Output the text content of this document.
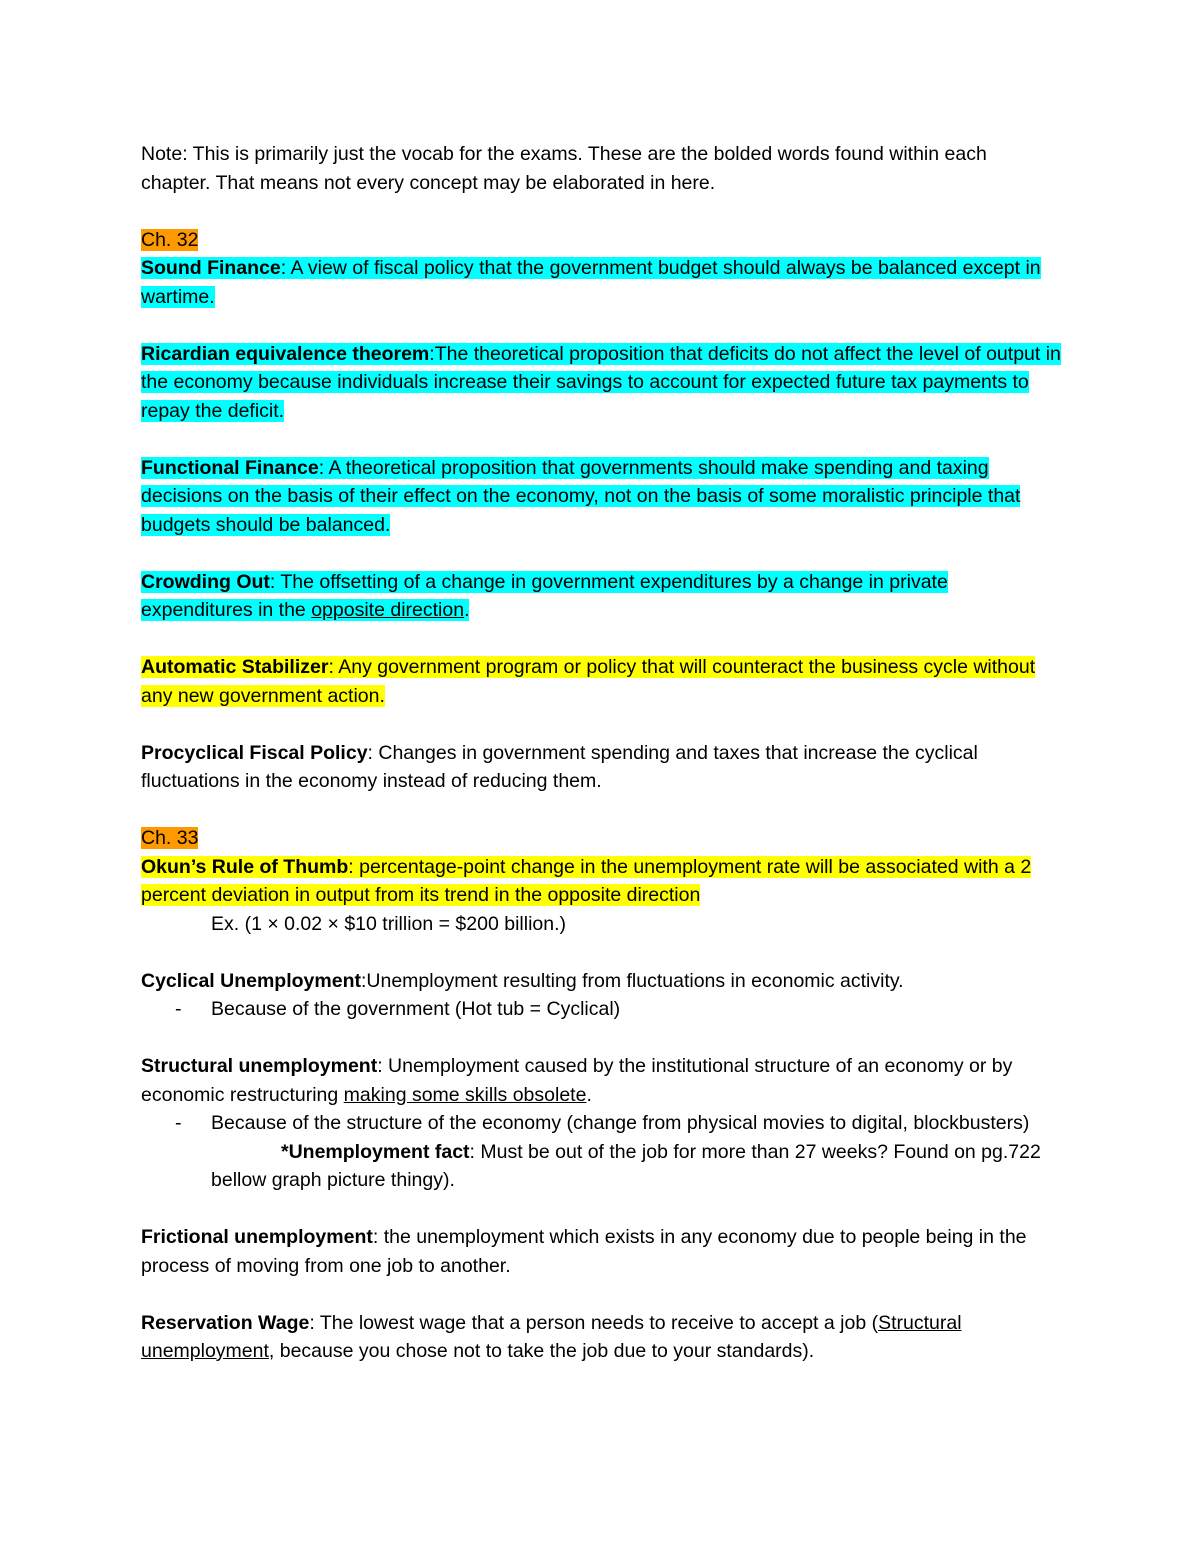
Note: This is primarily just the vocab for the exams. These are the bolded words found within each chapter. That means not every concept may be elaborated in here.

Ch. 32

Sound Finance: A view of fiscal policy that the government budget should always be balanced except in wartime.

Ricardian equivalence theorem:The theoretical proposition that deficits do not affect the level of output in the economy because individuals increase their savings to account for expected future tax payments to repay the deficit.

Functional Finance: A theoretical proposition that governments should make spending and taxing decisions on the basis of their effect on the economy, not on the basis of some moralistic principle that budgets should be balanced.

Crowding Out: The offsetting of a change in government expenditures by a change in private expenditures in the opposite direction.

Automatic Stabilizer: Any government program or policy that will counteract the business cycle without any new government action.

Procyclical Fiscal Policy: Changes in government spending and taxes that increase the cyclical fluctuations in the economy instead of reducing them.

Ch. 33

Okun’s Rule of Thumb: percentage-point change in the unemployment rate will be associated with a 2 percent deviation in output from its trend in the opposite direction

Ex. (1 × 0.02 × $10 trillion = $200 billion.)

Cyclical Unemployment:Unemployment resulting from fluctuations in economic activity.

- Because of the government (Hot tub = Cyclical)

Structural unemployment: Unemployment caused by the institutional structure of an economy or by economic restructuring making some skills obsolete.

- Because of the structure of the economy (change from physical movies to digital, blockbusters)

*Unemployment fact: Must be out of the job for more than 27 weeks? Found on pg.722 bellow graph picture thingy).

Frictional unemployment: the unemployment which exists in any economy due to people being in the process of moving from one job to another.

Reservation Wage: The lowest wage that a person needs to receive to accept a job (Structural unemployment, because you chose not to take the job due to your standards).
